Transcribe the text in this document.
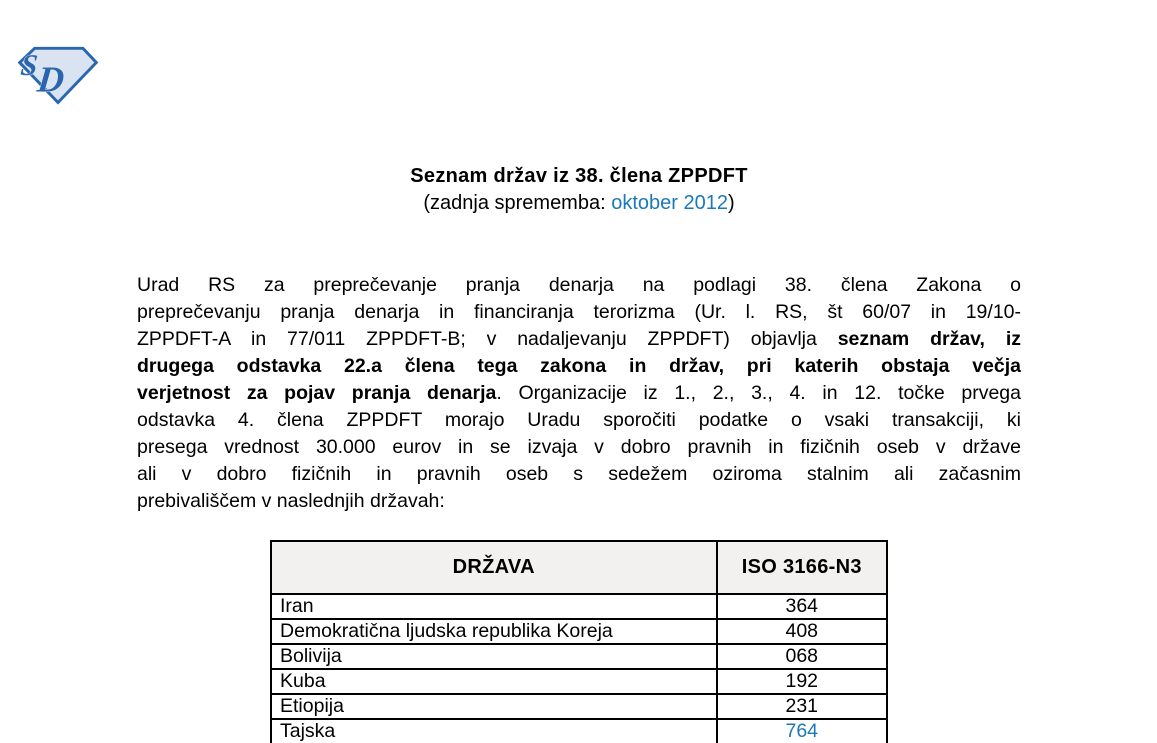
S
D
Seznam držav iz 38. člena ZPPDFT
(zadnja sprememba: oktober 2012)
Urad RS za preprečevanje pranja denarja na podlagi 38. člena Zakona o
preprečevanju pranja denarja in financiranja terorizma (Ur. l. RS, št 60/07 in 19/10-
ZPPDFT-A in 77/011 ZPPDFT-B; v nadaljevanju ZPPDFT) objavlja seznam držav, iz
drugega odstavka 22.a člena tega zakona in držav, pri katerih obstaja večja
verjetnost za pojav pranja denarja. Organizacije iz 1., 2., 3., 4. in 12. točke prvega
odstavka 4. člena ZPPDFT morajo Uradu sporočiti podatke o vsaki transakciji, ki
presega vrednost 30.000 eurov in se izvaja v dobro pravnih in fizičnih oseb v države
ali v dobro fizičnih in pravnih oseb s sedežem oziroma stalnim ali začasnim
prebivališčem v naslednjih državah:
DRŽAVA	ISO 3166-N3
Iran	364
Demokratična ljudska republika Koreja	408
Bolivija	068
Kuba	192
Etiopija	231
Tajska	764
